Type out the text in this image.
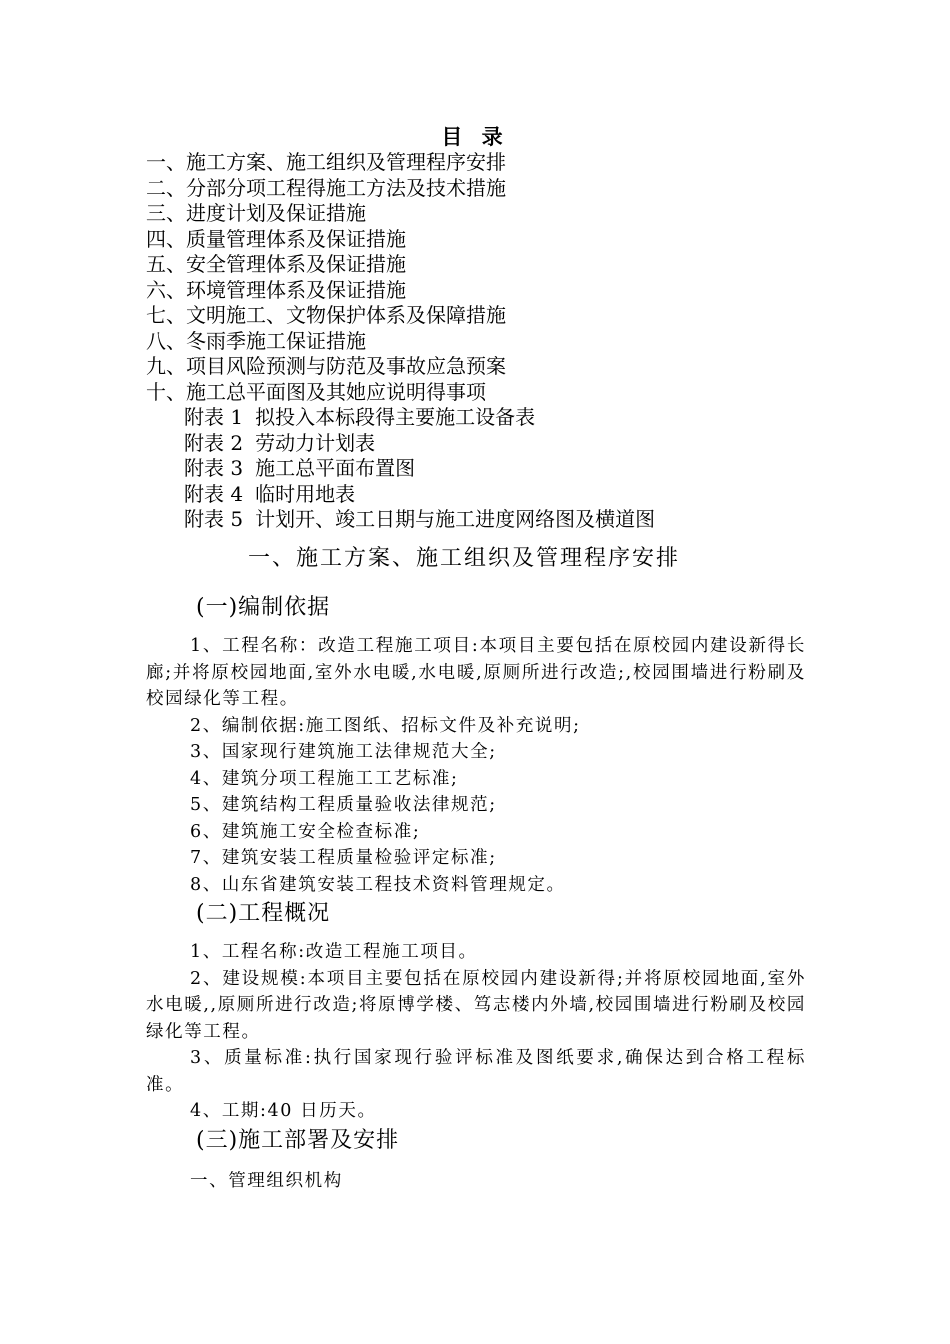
目 录
一、施工方案、施工组织及管理程序安排
二、分部分项工程得施工方法及技术措施
三、进度计划及保证措施
四、质量管理体系及保证措施
五、安全管理体系及保证措施
六、环境管理体系及保证措施
七、文明施工、文物保护体系及保障措施
八、冬雨季施工保证措施
九、项目风险预测与防范及事故应急预案
十、施工总平面图及其她应说明得事项
附表 1 拟投入本标段得主要施工设备表
附表 2 劳动力计划表
附表 3 施工总平面布置图
附表 4 临时用地表
附表 5 计划开、竣工日期与施工进度网络图及横道图
一、施工方案、施工组织及管理程序安排
(一)编制依据
1、工程名称：改造工程施工项目:本项目主要包括在原校园内建设新得长廊;并将原校园地面,室外水电暖,水电暖,原厕所进行改造;,校园围墙进行粉刷及校园绿化等工程。
2、编制依据:施工图纸、招标文件及补充说明;
3、国家现行建筑施工法律规范大全;
4、建筑分项工程施工工艺标准;
5、建筑结构工程质量验收法律规范;
6、建筑施工安全检查标准;
7、建筑安装工程质量检验评定标准;
8、山东省建筑安装工程技术资料管理规定。
(二)工程概况
1、工程名称:改造工程施工项目。
2、建设规模:本项目主要包括在原校园内建设新得;并将原校园地面,室外水电暖,,原厕所进行改造;将原博学楼、笃志楼内外墙,校园围墙进行粉刷及校园绿化等工程。
3、质量标准:执行国家现行验评标准及图纸要求,确保达到合格工程标准。
4、工期:40 日历天。
(三)施工部署及安排
一、管理组织机构
